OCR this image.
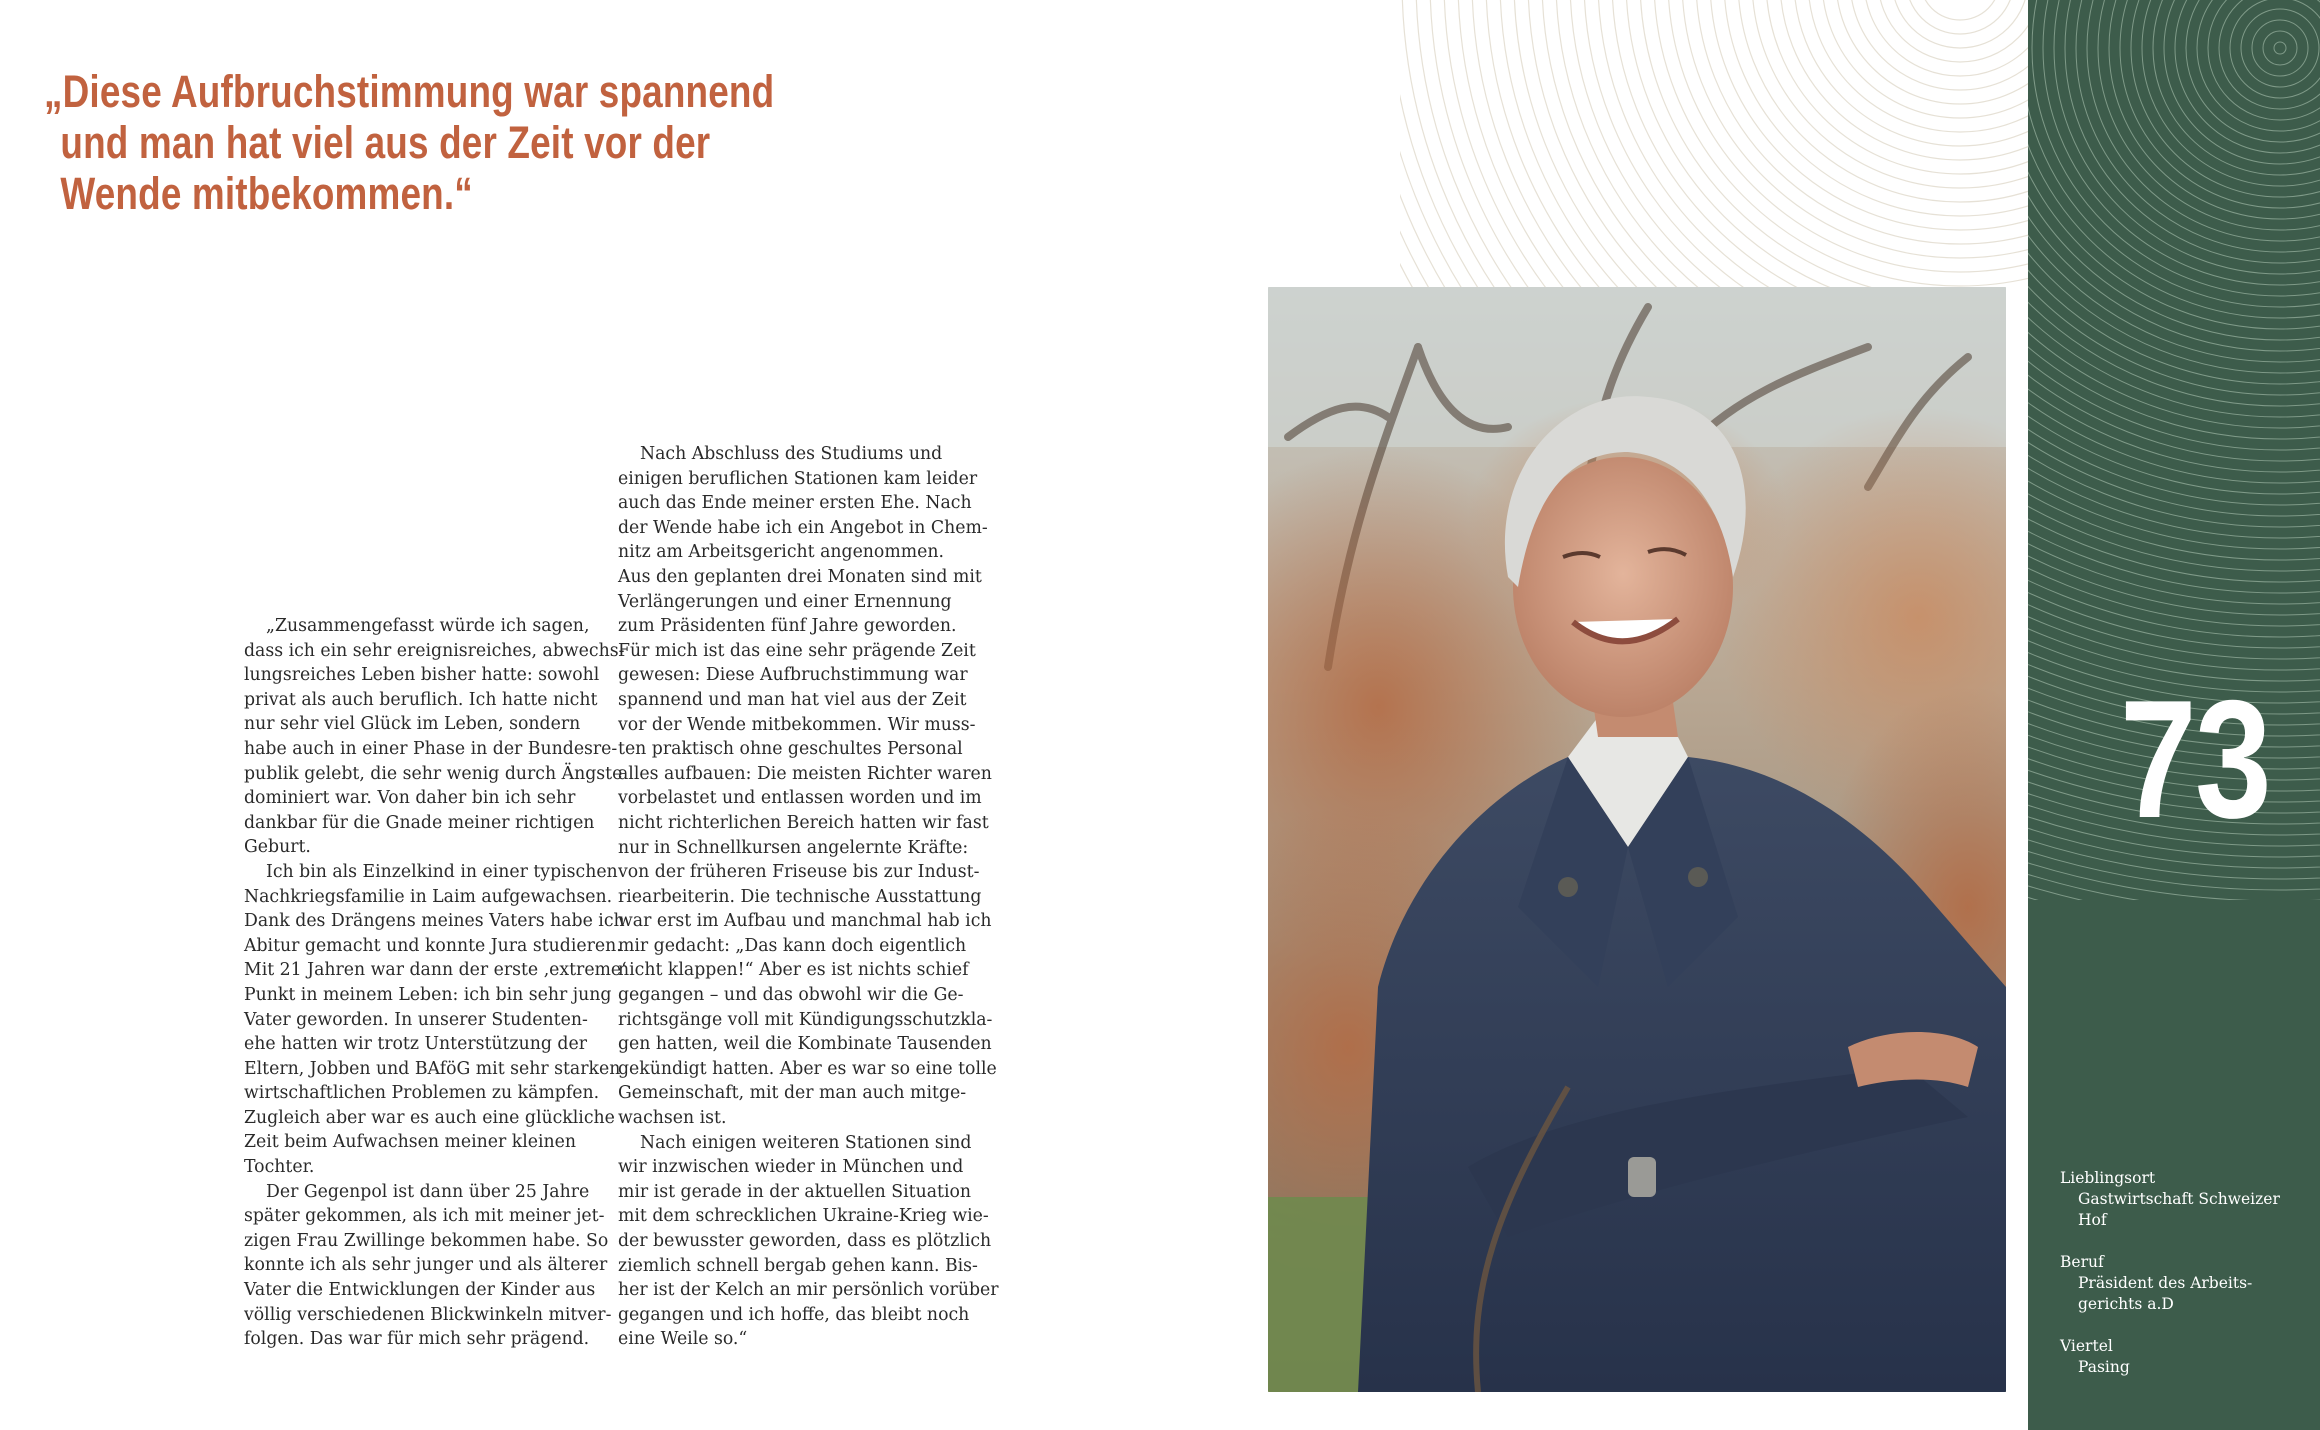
„Diese Aufbruchstimmung war spannend
und man hat viel aus der Zeit vor der
Wende mitbekommen.“
„Zusammengefasst würde ich sagen,
dass ich ein sehr ereignisreiches, abwechs-
lungsreiches Leben bisher hatte: sowohl
privat als auch beruflich. Ich hatte nicht
nur sehr viel Glück im Leben, sondern
habe auch in einer Phase in der Bundesre-
publik gelebt, die sehr wenig durch Ängste
dominiert war. Von daher bin ich sehr
dankbar für die Gnade meiner richtigen
Geburt.
Ich bin als Einzelkind in einer typischen
Nachkriegsfamilie in Laim aufgewachsen.
Dank des Drängens meines Vaters habe ich
Abitur gemacht und konnte Jura studieren.
Mit 21 Jahren war dann der erste ‚extreme‘
Punkt in meinem Leben: ich bin sehr jung
Vater geworden. In unserer Studenten-
ehe hatten wir trotz Unterstützung der
Eltern, Jobben und BAföG mit sehr starken
wirtschaftlichen Problemen zu kämpfen.
Zugleich aber war es auch eine glückliche
Zeit beim Aufwachsen meiner kleinen
Tochter.
Der Gegenpol ist dann über 25 Jahre
später gekommen, als ich mit meiner jet-
zigen Frau Zwillinge bekommen habe. So
konnte ich als sehr junger und als älterer
Vater die Entwicklungen der Kinder aus
völlig verschiedenen Blickwinkeln mitver-
folgen. Das war für mich sehr prägend.
Nach Abschluss des Studiums und
einigen beruflichen Stationen kam leider
auch das Ende meiner ersten Ehe. Nach
der Wende habe ich ein Angebot in Chem-
nitz am Arbeitsgericht angenommen.
Aus den geplanten drei Monaten sind mit
Verlängerungen und einer Ernennung
zum Präsidenten fünf Jahre geworden.
Für mich ist das eine sehr prägende Zeit
gewesen: Diese Aufbruchstimmung war
spannend und man hat viel aus der Zeit
vor der Wende mitbekommen. Wir muss-
ten praktisch ohne geschultes Personal
alles aufbauen: Die meisten Richter waren
vorbelastet und entlassen worden und im
nicht richterlichen Bereich hatten wir fast
nur in Schnellkursen angelernte Kräfte:
von der früheren Friseuse bis zur Indust-
riearbeiterin. Die technische Ausstattung
war erst im Aufbau und manchmal hab ich
mir gedacht: „Das kann doch eigentlich
nicht klappen!“ Aber es ist nichts schief
gegangen – und das obwohl wir die Ge-
richtsgänge voll mit Kündigungsschutzkla-
gen hatten, weil die Kombinate Tausenden
gekündigt hatten. Aber es war so eine tolle
Gemeinschaft, mit der man auch mitge-
wachsen ist.
Nach einigen weiteren Stationen sind
wir inzwischen wieder in München und
mir ist gerade in der aktuellen Situation
mit dem schrecklichen Ukraine-Krieg wie-
der bewusster geworden, dass es plötzlich
ziemlich schnell bergab gehen kann. Bis-
her ist der Kelch an mir persönlich vorüber
gegangen und ich hoffe, das bleibt noch
eine Weile so.“
73
Lieblingsort
Gastwirtschaft Schweizer
Hof
Beruf
Präsident des Arbeits-
gerichts a.D
Viertel
Pasing
